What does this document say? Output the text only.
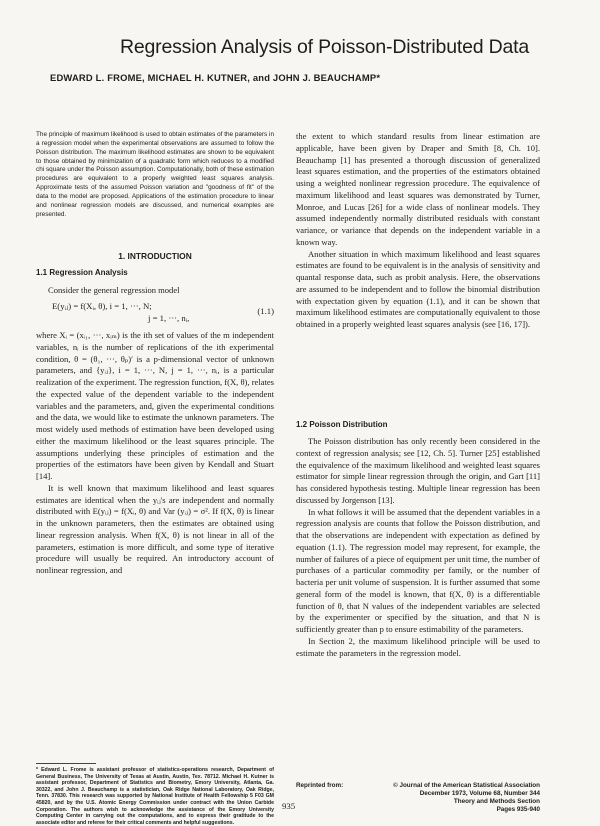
Regression Analysis of Poisson-Distributed Data
EDWARD L. FROME, MICHAEL H. KUTNER, and JOHN J. BEAUCHAMP*
The principle of maximum likelihood is used to obtain estimates of the parameters in a regression model when the experimental observations are assumed to follow the Poisson distribution. The maximum likelihood estimates are shown to be equivalent to those obtained by minimization of a quadratic form which reduces to a modified chi square under the Poisson assumption. Computationally, both of these estimation procedures are equivalent to a properly weighted least squares analysis. Approximate tests of the assumed Poisson variation and "goodness of fit" of the data to the model are proposed. Applications of the estimation procedure to linear and nonlinear regression models are discussed, and numerical examples are presented.
1. INTRODUCTION
1.1 Regression Analysis

Consider the general regression model

E(yᵢⱼ) = f(Xᵢ, θ), i = 1, ···, N;	(1.1)
j = 1, ···, nᵢ,

where Xᵢ = (xᵢ₁, ···, xᵢₘ) is the ith set of values of the m independent variables, nᵢ is the number of replications of the ith experimental condition, θ = (θ₁, ···, θₚ)′ is a p-dimensional vector of unknown parameters, and {yᵢⱼ}, i = 1, ···, N, j = 1, ···, nᵢ, is a particular realization of the experiment. The regression function, f(X, θ), relates the expected value of the dependent variable to the independent variables and the parameters, and, given the experimental conditions and the data, we would like to estimate the unknown parameters. The most widely used methods of estimation have been developed using either the maximum likelihood or the least squares principle. The assumptions underlying these principles of estimation and the properties of the estimators have been given by Kendall and Stuart [14].

It is well known that maximum likelihood and least squares estimates are identical when the yᵢⱼ's are independent and normally distributed with E(yᵢⱼ) = f(Xᵢ, θ) and Var (yᵢⱼ) = σ². If f(X, θ) is linear in the unknown parameters, then the estimates are obtained using linear regression analysis. When f(X, θ) is not linear in all of the parameters, estimation is more difficult, and some type of iterative procedure will usually be required. An introductory account of nonlinear regression, and

the extent to which standard results from linear estimation are applicable, have been given by Draper and Smith [8, Ch. 10]. Beauchamp [1] has presented a thorough discussion of generalized least squares estimation, and the properties of the estimators obtained using a weighted nonlinear regression procedure. The equivalence of maximum likelihood and least squares was demonstrated by Turner, Monroe, and Lucas [26] for a wide class of nonlinear models. They assumed independently normally distributed residuals with constant variance, or variance that depends on the independent variable in a known way.

Another situation in which maximum likelihood and least squares estimates are found to be equivalent is in the analysis of sensitivity and quantal response data, such as probit analysis. Here, the observations are assumed to be independent and to follow the binomial distribution with expectation given by equation (1.1), and it can be shown that maximum likelihood estimates are computationally equivalent to those obtained in a properly weighted least squares analysis (see [16, 17]).

1.2 Poisson Distribution

The Poisson distribution has only recently been considered in the context of regression analysis; see [12, Ch. 5]. Turner [25] established the equivalence of the maximum likelihood and weighted least squares estimator for simple linear regression through the origin, and Gart [11] has considered hypothesis testing. Multiple linear regression has been discussed by Jorgenson [13].

In what follows it will be assumed that the dependent variables in a regression analysis are counts that follow the Poisson distribution, and that the observations are independent with expectation as defined by equation (1.1). The regression model may represent, for example, the number of failures of a piece of equipment per unit time, the number of purchases of a particular commodity per family, or the number of bacteria per unit volume of suspension. It is further assumed that some general form of the model is known, that f(X, θ) is a differentiable function of θ, that N values of the independent variables are selected by the experimenter or specified by the situation, and that N is sufficiently greater than p to ensure estimability of the parameters.

In Section 2, the maximum likelihood principle will be used to estimate the parameters in the regression model.

* Edward L. Frome is assistant professor of statistics-operations research, Department of General Business, The University of Texas at Austin, Austin, Tex. 78712. Michael H. Kutner is assistant professor, Department of Statistics and Biometry, Emory University, Atlanta, Ga. 30322, and John J. Beauchamp is a statistician, Oak Ridge National Laboratory, Oak Ridge, Tenn. 37830. This research was supported by National Institute of Health Fellowship 5 F03 GM 45820, and by the U.S. Atomic Energy Commission under contract with the Union Carbide Corporation. The authors wish to acknowledge the assistance of the Emory University Computing Center in carrying out the computations, and to express their gratitude to the associate editor and referee for their critical comments and helpful suggestions.
Reprinted from:	© Journal of the American Statistical Association
December 1973, Volume 68, Number 344
Theory and Methods Section
Pages 935-940
935
